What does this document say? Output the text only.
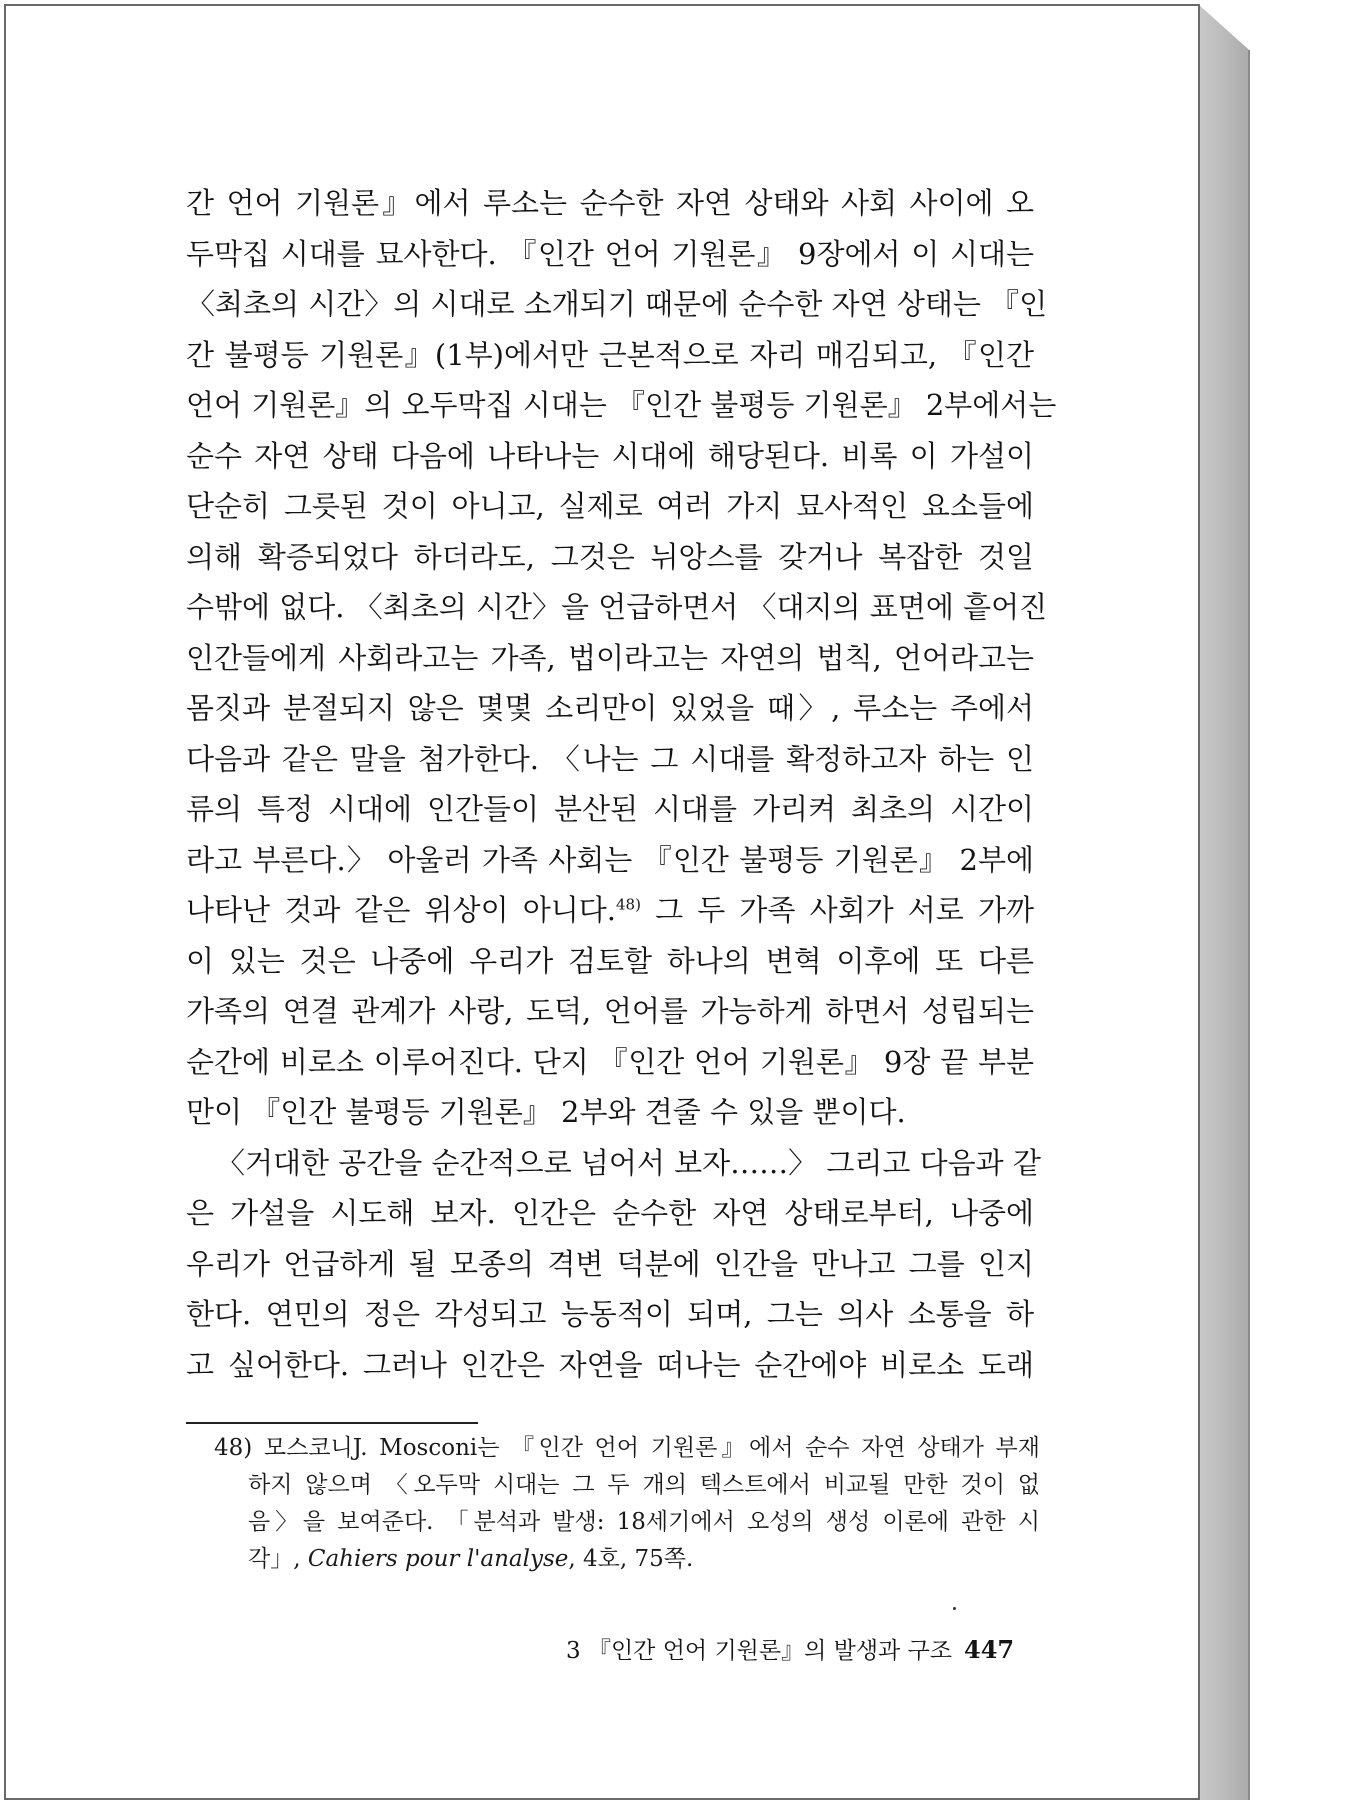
간 언어 기원론』에서 루소는 순수한 자연 상태와 사회 사이에 오
두막집 시대를 묘사한다. 『인간 언어 기원론』 9장에서 이 시대는
〈최초의 시간〉의 시대로 소개되기 때문에 순수한 자연 상태는 『인
간 불평등 기원론』(1부)에서만 근본적으로 자리 매김되고, 『인간
언어 기원론』의 오두막집 시대는 『인간 불평등 기원론』 2부에서는
순수 자연 상태 다음에 나타나는 시대에 해당된다. 비록 이 가설이
단순히 그릇된 것이 아니고, 실제로 여러 가지 묘사적인 요소들에
의해 확증되었다 하더라도, 그것은 뉘앙스를 갖거나 복잡한 것일
수밖에 없다. 〈최초의 시간〉을 언급하면서 〈대지의 표면에 흩어진
인간들에게 사회라고는 가족, 법이라고는 자연의 법칙, 언어라고는
몸짓과 분절되지 않은 몇몇 소리만이 있었을 때〉, 루소는 주에서
다음과 같은 말을 첨가한다. 〈나는 그 시대를 확정하고자 하는 인
류의 특정 시대에 인간들이 분산된 시대를 가리켜 최초의 시간이
라고 부른다.〉 아울러 가족 사회는 『인간 불평등 기원론』 2부에
나타난 것과 같은 위상이 아니다.$^{48)}$ 그 두 가족 사회가 서로 가까
이 있는 것은 나중에 우리가 검토할 하나의 변혁 이후에 또 다른
가족의 연결 관계가 사랑, 도덕, 언어를 가능하게 하면서 성립되는
순간에 비로소 이루어진다. 단지 『인간 언어 기원론』 9장 끝 부분
만이 『인간 불평등 기원론』 2부와 견줄 수 있을 뿐이다.
〈거대한 공간을 순간적으로 넘어서 보자……〉 그리고 다음과 같
은 가설을 시도해 보자. 인간은 순수한 자연 상태로부터, 나중에
우리가 언급하게 될 모종의 격변 덕분에 인간을 만나고 그를 인지
한다. 연민의 정은 각성되고 능동적이 되며, 그는 의사 소통을 하
고 싶어한다. 그러나 인간은 자연을 떠나는 순간에야 비로소 도래
48) 모스코니J. Mosconi는 『인간 언어 기원론』에서 순수 자연 상태가 부재
하지 않으며 〈오두막 시대는 그 두 개의 텍스트에서 비교될 만한 것이 없
음〉을 보여준다. 「분석과 발생: 18세기에서 오성의 생성 이론에 관한 시
각」, Cahiers pour l'analyse, 4호, 75쪽.
3 『인간 언어 기원론』의 발생과 구조 447
